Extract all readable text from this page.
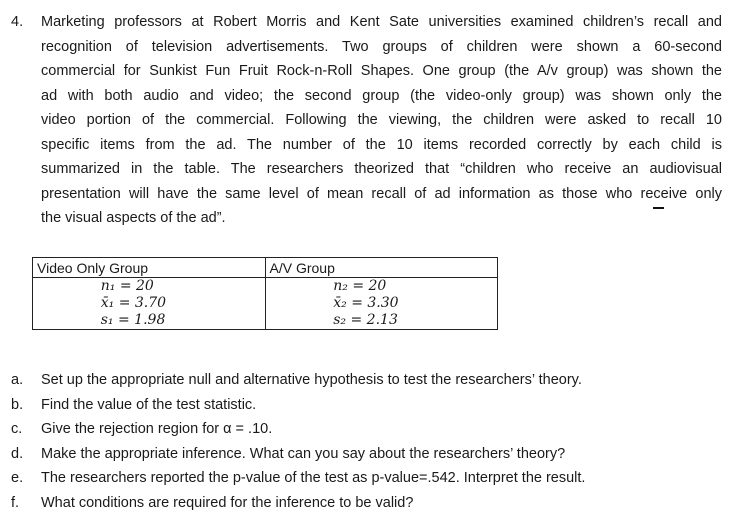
4. Marketing professors at Robert Morris and Kent Sate universities examined children’s recall and
recognition of television advertisements. Two groups of children were shown a 60-second
commercial for Sunkist Fun Fruit Rock-n-Roll Shapes. One group (the A/v group) was shown the
ad with both audio and video; the second group (the video-only group) was shown only the
video portion of the commercial. Following the viewing, the children were asked to recall 10
specific items from the ad. The number of the 10 items recorded correctly by each child is
summarized in the table. The researchers theorized that “children who receive an audiovisual
presentation will have the same level of mean recall of ad information as those who receive only
the visual aspects of the ad”.
Video Only Group	A/V Group
n₁ = 20	n₂ = 20
x̄₁ = 3.70	x̄₂ = 3.30
s₁ = 1.98	s₂ = 2.13
a. Set up the appropriate null and alternative hypothesis to test the researchers’ theory.
b. Find the value of the test statistic.
c. Give the rejection region for α = .10.
d. Make the appropriate inference. What can you say about the researchers’ theory?
e. The researchers reported the p-value of the test as p-value=.542. Interpret the result.
f. What conditions are required for the inference to be valid?
